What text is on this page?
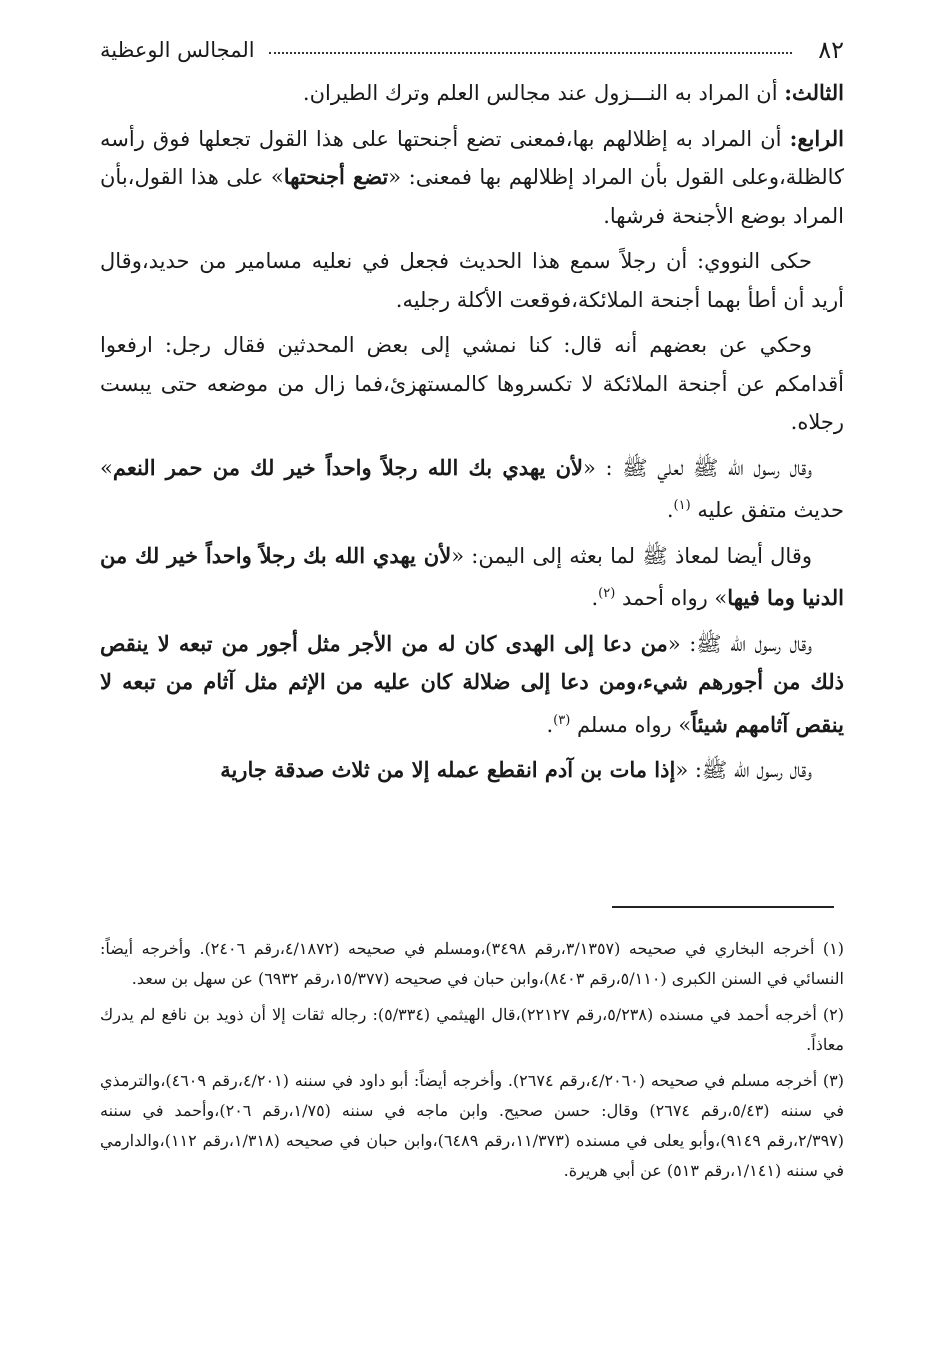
٨٢
المجالس الوعظية

الثالث: أن المراد به النـــزول عند مجالس العلم وترك الطيران.

الرابع: أن المراد به إظلالهم بها،فمعنى تضع أجنحتها على هذا القول تجعلها فوق رأسه كالظلة،وعلى القول بأن المراد إظلالهم بها فمعنى: «تضع أجنحتها» على هذا القول،بأن المراد بوضع الأجنحة فرشها.

حكى النووي: أن رجلاً سمع هذا الحديث فجعل في نعليه مسامير من حديد،وقال أريد أن أطأ بهما أجنحة الملائكة،فوقعت الأكلة رجليه.

وحكي عن بعضهم أنه قال: كنا نمشي إلى بعض المحدثين فقال رجل: ارفعوا أقدامكم عن أجنحة الملائكة لا تكسروها كالمستهزئ،فما زال من موضعه حتى يبست رجلاه.

وقال رسول الله ﷺ لعلي ﷺ : «لأن يهدي بك الله رجلاً واحداً خير لك من حمر النعم» حديث متفق عليه $^{(١)}$.

وقال أيضا لمعاذ ﷺ لما بعثه إلى اليمن: «لأن يهدي الله بك رجلاً واحداً خير لك من الدنيا وما فيها» رواه أحمد $^{(٢)}$.

وقال رسول الله ﷺ: «من دعا إلى الهدى كان له من الأجر مثل أجور من تبعه لا ينقص ذلك من أجورهم شيء،ومن دعا إلى ضلالة كان عليه من الإثم مثل آثام من تبعه لا ينقص آثامهم شيئاً» رواه مسلم $^{(٣)}$.

وقال رسول الله ﷺ: «إذا مات بن آدم انقطع عمله إلا من ثلاث صدقة جارية

(١) أخرجه البخاري في صحيحه (٣/١٣٥٧،رقم ٣٤٩٨)،ومسلم في صحيحه (٤/١٨٧٢،رقم ٢٤٠٦). وأخرجه أيضاً: النسائي في السنن الكبرى (٥/١١٠،رقم ٨٤٠٣)،وابن حبان في صحيحه (١٥/٣٧٧،رقم ٦٩٣٢) عن سهل بن سعد.

(٢) أخرجه أحمد في مسنده (٥/٢٣٨،رقم ٢٢١٢٧)،قال الهيثمي (٥/٣٣٤): رجاله ثقات إلا أن ذويد بن نافع لم يدرك معاذاً.

(٣) أخرجه مسلم في صحيحه (٤/٢٠٦٠،رقم ٢٦٧٤). وأخرجه أيضاً: أبو داود في سننه (٤/٢٠١،رقم ٤٦٠٩)،والترمذي في سننه (٥/٤٣،رقم ٢٦٧٤) وقال: حسن صحيح. وابن ماجه في سننه (١/٧٥،رقم ٢٠٦)،وأحمد في سننه (٢/٣٩٧،رقم ٩١٤٩)،وأبو يعلى في مسنده (١١/٣٧٣،رقم ٦٤٨٩)،وابن حبان في صحيحه (١/٣١٨،رقم ١١٢)،والدارمي في سننه (١/١٤١،رقم ٥١٣) عن أبي هريرة.
